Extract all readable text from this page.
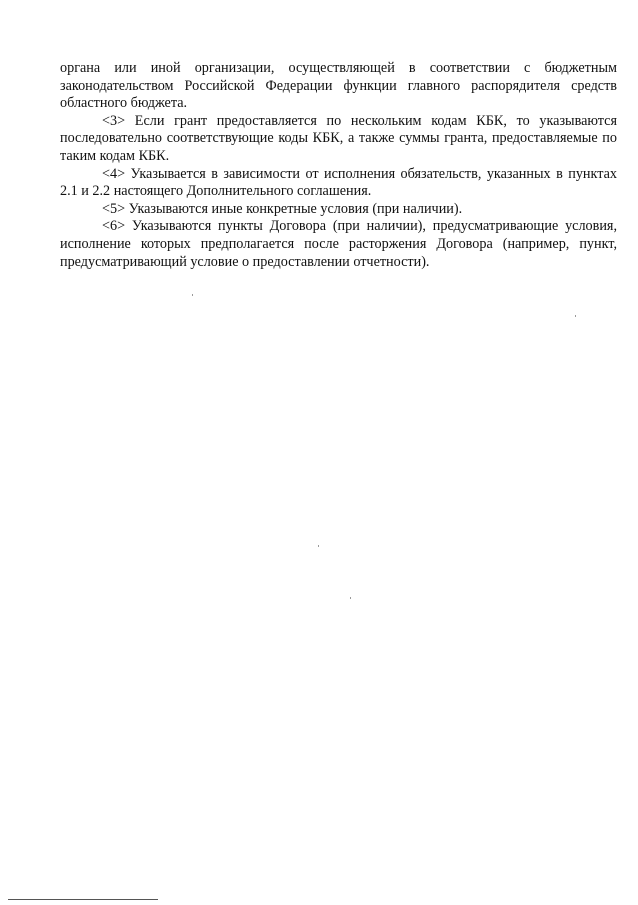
органа или иной организации, осуществляющей в соответствии с бюджетным законодательством Российской Федерации функции главного распорядителя средств областного бюджета.

<3> Если грант предоставляется по нескольким кодам КБК, то указываются последовательно соответствующие коды КБК, а также суммы гранта, предоставляемые по таким кодам КБК.

<4> Указывается в зависимости от исполнения обязательств, указанных в пунктах 2.1 и 2.2 настоящего Дополнительного соглашения.

<5> Указываются иные конкретные условия (при наличии).

<6> Указываются пункты Договора (при наличии), предусматривающие условия, исполнение которых предполагается после расторжения Договора (например, пункт, предусматривающий условие о предоставлении отчетности).
